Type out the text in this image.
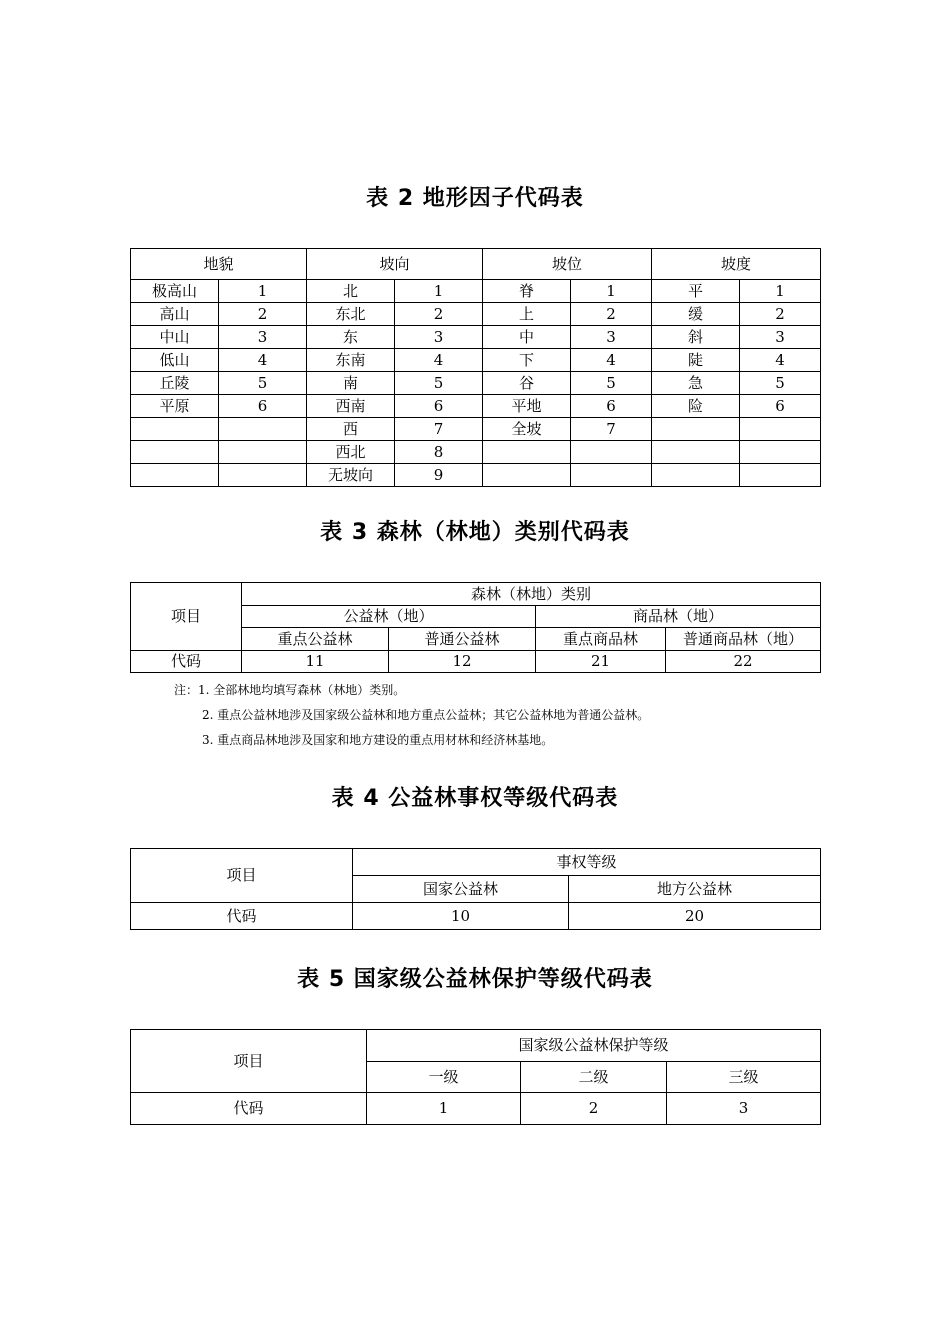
表 2 地形因子代码表
地貌		坡向		坡位		坡度	
极高山	1	北	1	脊	1	平	1
高山	2	东北	2	上	2	缓	2
中山	3	东	3	中	3	斜	3
低山	4	东南	4	下	4	陡	4
丘陵	5	南	5	谷	5	急	5
平原	6	西南	6	平地	6	险	6
		西	7	全坡	7		
		西北	8				
		无坡向	9				
表 3 森林（林地）类别代码表
项目	森林（林地）类别			
	公益林（地）		商品林（地）	
	重点公益林	普通公益林	重点商品林	普通商品林（地）
代码	11	12	21	22
注：1. 全部林地均填写森林（林地）类别。
2. 重点公益林地涉及国家级公益林和地方重点公益林；其它公益林地为普通公益林。
3. 重点商品林地涉及国家和地方建设的重点用材林和经济林基地。
表 4 公益林事权等级代码表
项目	事权等级	
	国家公益林	地方公益林
代码	10	20
表 5 国家级公益林保护等级代码表
项目	国家级公益林保护等级		
	一级	二级	三级
代码	1	2	3
